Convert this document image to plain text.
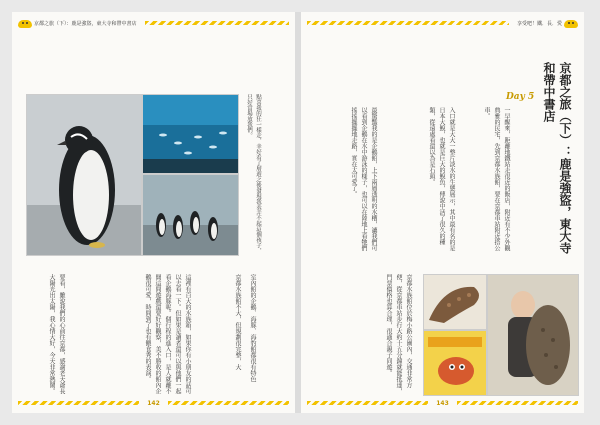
京都之旅（下）：鹿是強盜，東大寺和帶中書店
點喜我的狂一樣走，幸好看了層遊之後發現我表弄不起這個孩子，只好當場放我們。
要看，雖說我們的心前往京都，感謝老天爺長大陽光出太陽，我心情大好，今天非常熱鬧。	這裡有百大的水族箱，如果你有小朋友的話可以去看一下。但如果是讀者還可以與他們一起看企鵝海豚呢。個行程的進入口，是人就離不開這間遊戲還要好好觀察，美不勝收的館內企鵝很可愛，時間到了也有餵食秀的表演。	京都水族館不大，但規劃很完整，大	室內館的企鵝、海豚、海豹館都很有特色
142
享受吧！鐵．長．愛
京都之旅（下）：鹿是強盜，東大寺和帶中書店
Day 5
一早醒來，距離地鐵站走很近的飯店，附近有不少外觀典雅的民宅，先到京都水族館，要在京都車站附近搭公車。
入口就是大大一整片淡水的生態展示，其中最有名的是日本大鯢，也就是巨大的鯢魚，傳說中活了很久的種類，從遠處看還以為是石頭。
最驚豔我的是企鵝館，上下兩層透明的水槽，讓我們可以看到企鵝在水中游泳的樣子，也可以在陸地上看牠們搖搖擺擺地走路，實在太可愛了。
京都水族館位於梅小路公園內，交通非常方便，從京都車站步行大約十五分鐘就能抵達，門票價格也算合理，很適合親子同遊。
143
